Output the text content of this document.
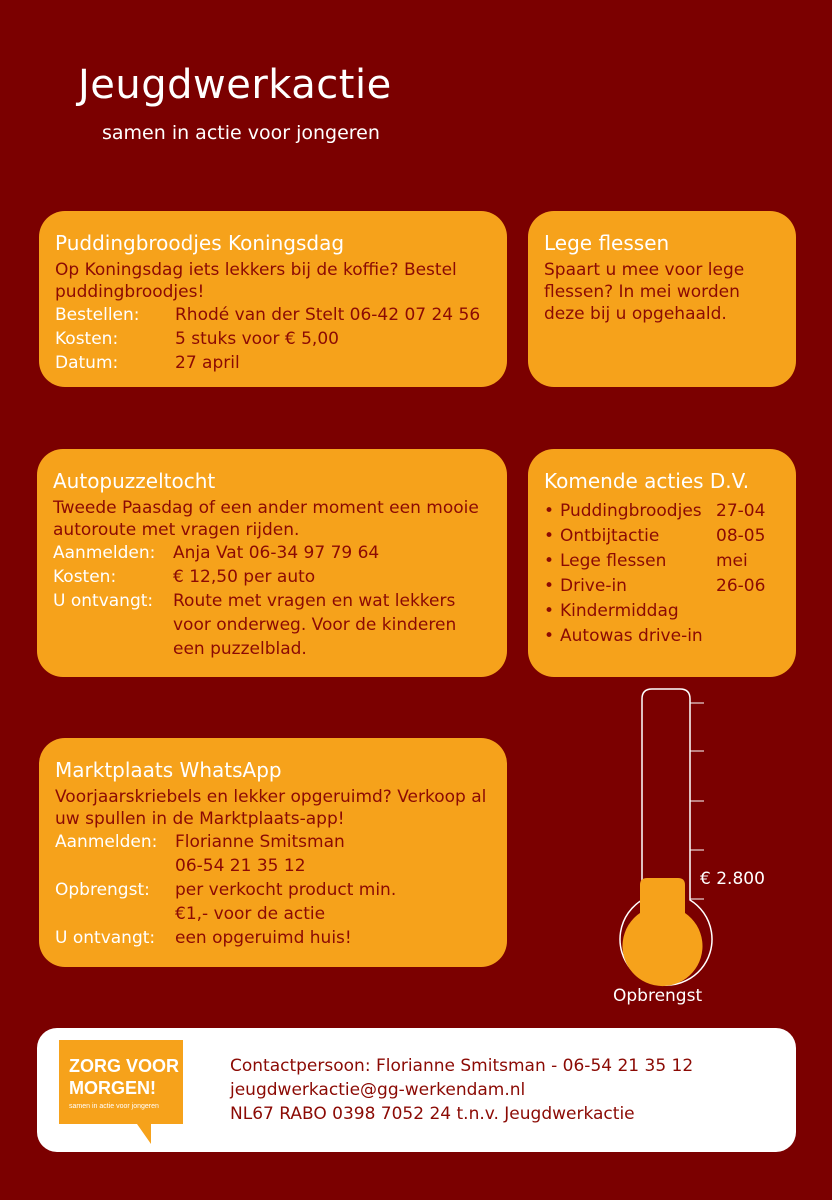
Jeugdwerkactie
samen in actie voor jongeren
Puddingbroodjes Koningsdag

Op Koningsdag iets lekkers bij de koffie? Bestel puddingbroodjes!

Bestellen:	Rhodé van der Stelt 06-42 07 24 56
Kosten:	5 stuks voor € 5,00
Datum:	27 april
Lege flessen

Spaart u mee voor lege flessen? In mei worden deze bij u opgehaald.

Autopuzzeltocht

Tweede Paasdag of een ander moment een mooie autoroute met vragen rijden.

Aanmelden:	Anja Vat 06-34 97 79 64
Kosten:	€ 12,50 per auto
U ontvangt:	Route met vragen en wat lekkers voor onderweg. Voor de kinderen een puzzelblad.
Komende acties D.V.
• Puddingbroodjes 27-04
• Ontbijtactie	08-05
• Lege flessen	mei
• Drive-in	26-06
• Kindermiddag
• Autowas drive-in
Marktplaats WhatsApp

Voorjaarskriebels en lekker opgeruimd? Verkoop al uw spullen in de Marktplaats-app!

Aanmelden:	Florianne Smitsman
06-54 21 35 12
Opbrengst:	per verkocht product min.
€1,- voor de actie
U ontvangt:	een opgeruimd huis!
€ 2.800
Opbrengst
ZORG VOOR
MORGEN!
samen in actie voor jongeren
Contactpersoon: Florianne Smitsman - 06-54 21 35 12
jeugdwerkactie@gg-werkendam.nl
NL67 RABO 0398 7052 24 t.n.v. Jeugdwerkactie
